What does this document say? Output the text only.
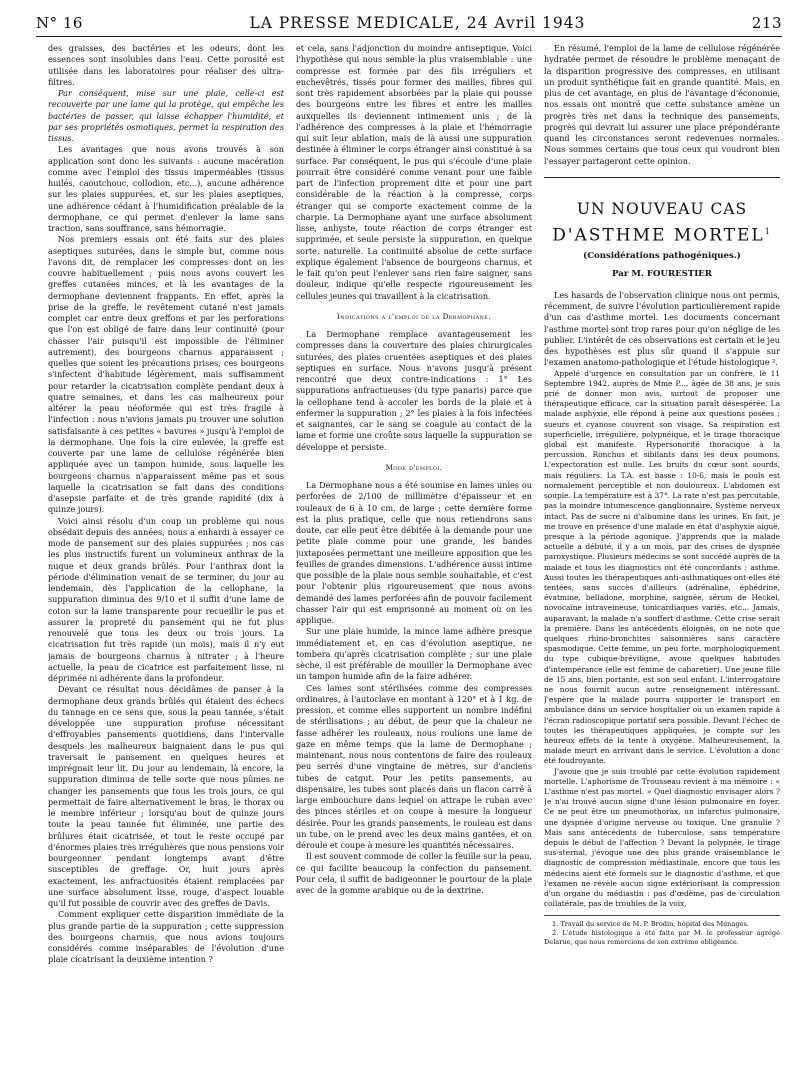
N° 16	LA PRESSE MEDICALE, 24 Avril 1943	213

des graisses, des bactéries et les odeurs, dont les essences sont insolubles dans l'eau. Cette porosité est utilisée dans les laboratoires pour réaliser des ultra-filtres.

Par conséquent, mise sur une plaie, celle-ci est recouverte par une lame qui la protège, qui empêche les bactéries de passer, qui laisse échapper l'humidité, et par ses propriétés osmotiques, permet la respiration des tissus.

Les avantages que nous avons trouvés à son application sont donc les suivants : aucune macération comme avec l'emploi des tissus imperméables (tissus huilés, caoutchouc, collodion, etc...), aucune adhérence sur les plaies suppurées, et, sur les plaies aseptiques, une adhérence cédant à l'humidification préalable de la dermophane, ce qui permet d'enlever la lame sans traction, sans souffrance, sans hémorragie.

Nos premiers essais ont été faits sur des plaies aseptiques suturées, dans le simple but, comme nous l'avons dit, de remplacer les compresses dont on les couvre habituellement ; puis nous avons couvert les greffes cutanées minces, et là les avantages de la dermophane deviennent frappants. En effet, après la prise de la greffe, le revêtement cutané n'est jamais complet car entre deux greffons et par les perforations que l'on est obligé de faire dans leur continuité (pour chasser l'air puisqu'il est impossible de l'éliminer autrement), des bourgeons charnus apparaissent ; quelles que soient les précautions prises, ces bourgeons s'infectent d'habitude légèrement, mais suffisamment pour retarder la cicatrisation complète pendant deux à quatre semaines, et dans les cas malheureux pour altérer la peau néoformée qui est très fragile à l'infection : nous n'avions jamais pu trouver une solution satisfaisante à ces petites « bavures » jusqu'à l'emploi de la dermophane. Une fois la cire enlevée, la greffe est couverte par une lame de cellulose régénérée bien appliquée avec un tampon humide, sous laquelle les bourgeons charnus n'apparaissent même pas et sous laquelle la cicatrisation se fait dans des conditions d'asepsie parfaite et de très grande rapidité (dix à quinze jours).

Voici ainsi résolu d'un coup un problème qui nous obsédait depuis des années, nous a enhardi à essayer ce mode de pansement sur des plaies suppurées ; nos cas les plus instructifs furent un volumineux anthrax de la nuque et deux grands brûlés. Pour l'anthrax dont la période d'élimination venait de se terminer, du jour au lendemain, dès l'application de la cellophane, la suppuration diminua des 9/10 et il suffit d'une lame de coton sur la lame transparente pour recueillir le pus et assurer la propreté du pansement qui ne fut plus renouvelé que tous les deux ou trois jours. La cicatrisation fut très rapide (un mois), mais il n'y eut jamais de bourgeons charnus à nitrater ; à l'heure actuelle, la peau de cicatrice est parfaitement lisse, ni déprimée ni adhérente dans la profondeur.

Devant ce résultat nous décidâmes de panser à la dermophane deux grands brûlés qui étaient des échecs du tannage en ce sens que, sous la peau tannée, s'était développée une suppuration profuse nécessitant d'effroyables pansements quotidiens, dans l'intervalle desquels les malheureux baignaient dans le pus qui traversait le pansement en quelques heures et imprégnait leur lit. Du jour au lendemain, là encore, la suppuration diminua de telle sorte que nous pûmes ne changer les pansements que tous les trois jours, ce qui permettait de faire alternativement le bras, le thorax ou le membre inférieur ; lorsqu'au bout de quinze jours toute la peau tannée fut éliminée, une partie des brûlures était cicatrisée, et tout le reste occupé par d'énormes plaies très irrégulières que nous pensions voir bourgeonner pendant longtemps avant d'être susceptibles de greffage. Or, huit jours après exactement, les anfractuosités étaient remplacées par une surface absolument lisse, rouge, d'aspect louable qu'il fut possible de couvrir avec des greffes de Davis.

Comment expliquer cette disparition immédiate de la plus grande partie de la suppuration ; cette suppression des bourgeons charnus, que nous avions toujours considérés comme inséparables de l'évolution d'une plaie cicatrisant la deuxième intention ?

et cela, sans l'adjonction du moindre antiseptique. Voici l'hypothèse qui nous semble la plus vraisemblable : une compresse est formée par des fils irréguliers et enchevêtrés, tissés pour former des mailles, fibres qui sont très rapidement absorbées par la plaie qui pousse des bourgeons entre les fibres et entre les mailles auxquelles ils deviennent intimement unis ; de là l'adhérence des compresses à la plaie et l'hémorragie qui suit leur ablation, mais de là aussi une suppuration destinée à éliminer le corps étranger ainsi constitué à sa surface. Par conséquent, le pus qui s'écoule d'une plaie pourrait être considéré comme venant pour une faible part de l'infection proprement dite et pour une part considérable de la réaction à la compresse, corps étranger qui se comporte exactement comme de la charpie. La Dermophane ayant une surface absolument lisse, anhyste, toute réaction de corps étranger est supprimée, et seule persiste la suppuration, en quelque sorte, naturelle. La continuité absolue de cette surface explique également l'absence de bourgeons charnus, et le fait qu'on peut l'enlever sans rien faire saigner, sans douleur, indique qu'elle respecte rigoureusement les cellules jeunes qui travaillent à la cicatrisation.

Indications a l'emploi de la Dermophane.

La Dermophane remplace avantageusement les compresses dans la couverture des plaies chirurgicales suturées, des plaies cruentées aseptiques et des plaies septiques en surface. Nous n'avons jusqu'à présent rencontré que deux contre-indications : 1° Les suppurations anfractueuses (du type panaris) parce que la cellophane tend à accoler les bords de la plaie et à enfermer la suppuration ; 2° les plaies à la fois infectées et saignantes, car le sang se coagule au contact de la lame et forme une croûte sous laquelle la suppuration se développe et persiste.

Mode d'emploi.

La Dermophane nous a été soumise en lames unies ou perforées de 2/100 de millimètre d'épaisseur et en rouleaux de 6 à 10 cm. de large ; cette dernière forme est la plus pratique, celle que nous retiendrons sans doute, car elle peut être débitée à la demande pour une petite plaie comme pour une grande, les bandes juxtaposées permettant une meilleure apposition que les feuilles de grandes dimensions. L'adhérence aussi intime que possible de la plaie nous semble souhaitable, et c'est pour l'obtenir plus rigoureusement que nous avons demandé des lames perforées afin de pouvoir facilement chasser l'air qui est emprisonné au moment où on les applique.

Sur une plaie humide, la mince lame adhère presque immédiatement et, en cas d'évolution aseptique, ne tombera qu'après cicatrisation complète ; sur une plaie sèche, il est préférable de mouiller la Dermophane avec un tampon humide afin de la faire adhérer.

Ces lames sont stérilisées comme des compresses ordinaires, à l'autoclave en montant à 120° et à 1 kg. de pression, et comme elles supportent un nombre indéfini de stérilisations ; au début, de peur que la chaleur ne fasse adhérer les rouleaux, nous roulions une lame de gaze en même temps que la lame de Dermophane ; maintenant, nous nous contentons de faire des rouleaux peu serrés d'une vingtaine de mètres, sur d'anciens tubes de catgut. Pour les petits pansements, au dispensaire, les tubes sont placés dans un flacon carré à large embouchure dans lequel on attrape le ruban avec des pinces stériles et on coupe à mesure la longueur désirée. Pour les grands pansements, le rouleau est dans un tube, on le prend avec les deux mains gantées, et on déroule et coupe à mesure les quantités nécessaires.

Il est souvent commode de coller la feuille sur la peau, ce qui facilite beaucoup la confection du pansement. Pour cela, il suffit de badigeonner le pourtour de la plaie avec de la gomme arabique ou de la dextrine.

En résumé, l'emploi de la lame de cellulose régénérée hydratée permet de résoudre le problème menaçant de la disparition progressive des compresses, en utilisant un produit synthétique fait en grande quantité. Mais, en plus de cet avantage, en plus de l'avantage d'économie, nos essais ont montré que cette substance amène un progrès très net dans la technique des pansements, progrès qui devrait lui assurer une place prépondérante quand les circonstances seront redevenues normales. Nous sommes certains que tous ceux qui voudront bien l'essayer partageront cette opinion.

UN NOUVEAU CAS
D'ASTHME MORTEL$^1$
(Considérations pathogéniques.)
Par M. FOURESTIER

Les hasards de l'observation clinique nous ont permis, récemment, de suivre l'évolution particulièrement rapide d'un cas d'asthme mortel. Les documents concernant l'asthme mortel sont trop rares pour qu'on néglige de les publier. L'intérêt de ces observations est certain et le jeu des hypothèses est plus sûr quand il s'appuie sur l'examen anatomo-pathologique et l'étude histologique ².

Appelé d'urgence en consultation par un confrère, le 11 Septembre 1942, auprès de Mme P..., âgée de 38 ans, je suis prié de donner mon avis, surtout de proposer une thérapeutique efficace, car la situation paraît désespérée. La malade asphyxie, elle répond à peine aux questions posées ; sueurs et cyanose couvrent son visage. Sa respiration est superficielle, irrégulière, polypnéique, et le tirage thoracique global est manifeste. Hypersonorité thoracique à la percussion. Ronchus et sibilants dans les deux poumons. L'expectoration est nulle. Les bruits du cœur sont sourds, mais réguliers. La T.A. est basse : 10-6, mais le pouls est normalement perceptible et non douloureux. L'abdomen est souple. La température est à 37°. La rate n'est pas percutable, pas la moindre intumescence ganglionnaire. Système nerveux intact. Pas de sucre ni d'albumine dans les urines. En fait, je me trouve en présence d'une malade en état d'asphyxie aiguë, presque à la période agonique. J'apprends que la malade actuelle a débuté, il y a un mois, par des crises de dyspnée paroxystique. Plusieurs médecins se sont succédé auprès de la malade et tous les diagnostics ont été concordants : asthme. Aussi toutes les thérapeutiques anti-asthmatiques ont-elles été tentées, sans succès d'ailleurs (adrénaline, éphédrine, évatmine, belladone, morphine, saignée, sérum de Heckel, novocaïne intraveineuse, tonicardiaques variés, etc... Jamais, auparavant, la malade n'a souffert d'asthme. Cette crise serait la première. Dans les antécédents éloignés, on ne note que quelques rhino-bronchites saisonnières sans caractère spasmodique. Cette femme, un peu forte, morphologiquement du type cubique-bréviligne, avoue quelques habitudes d'intempérance (elle est femme de cabaretier). Une jeune fille de 15 ans, bien portante, est son seul enfant. L'interrogatoire ne nous fournit aucun autre renseignement intéressant. J'espère que la malade pourra supporter le transport en ambulance dans un service hospitalier où un examen rapide à l'écran radioscopique portatif sera possible. Devant l'échec de toutes les thérapeutiques appliquées, je compte sur les heureux effets de la tente à oxygène. Malheureusement, la malade meurt en arrivant dans le service. L'évolution a donc été foudroyante.

J'avoue que je suis troublé par cette évolution rapidement mortelle. L'aphorisme de Trousseau revient à ma mémoire : « L'asthme n'est pas mortel. » Quel diagnostic envisager alors ? Je n'ai trouvé aucun signe d'une lésion pulmonaire en foyer. Ce ne peut être un pneumothorax, un infarctus pulmonaire, une dyspnée d'origine nerveuse ou toxique. Une granulie ? Mais sans antécédents de tuberculose, sans température depuis le début de l'affection ? Devant la polypnée, le tirage sus-sternal, j'évoque une des plus grande vraisemblance le diagnostic de compression médiastinale, encore que tous les médecins aient été formels sur le diagnostic d'asthme, et que l'examen ne révèle aucun signe extériorisant la compression d'un organe du médiastin : pas d'œdème, pas de circulation collatérale, pas de troubles de la voix,

1. Travail du service de M. P. Brodin, hôpital des Ménages.

2. L'étude histologique a été faite par M. le professeur agrégé Delarue, que nous remercions de son extrême obligeance.
